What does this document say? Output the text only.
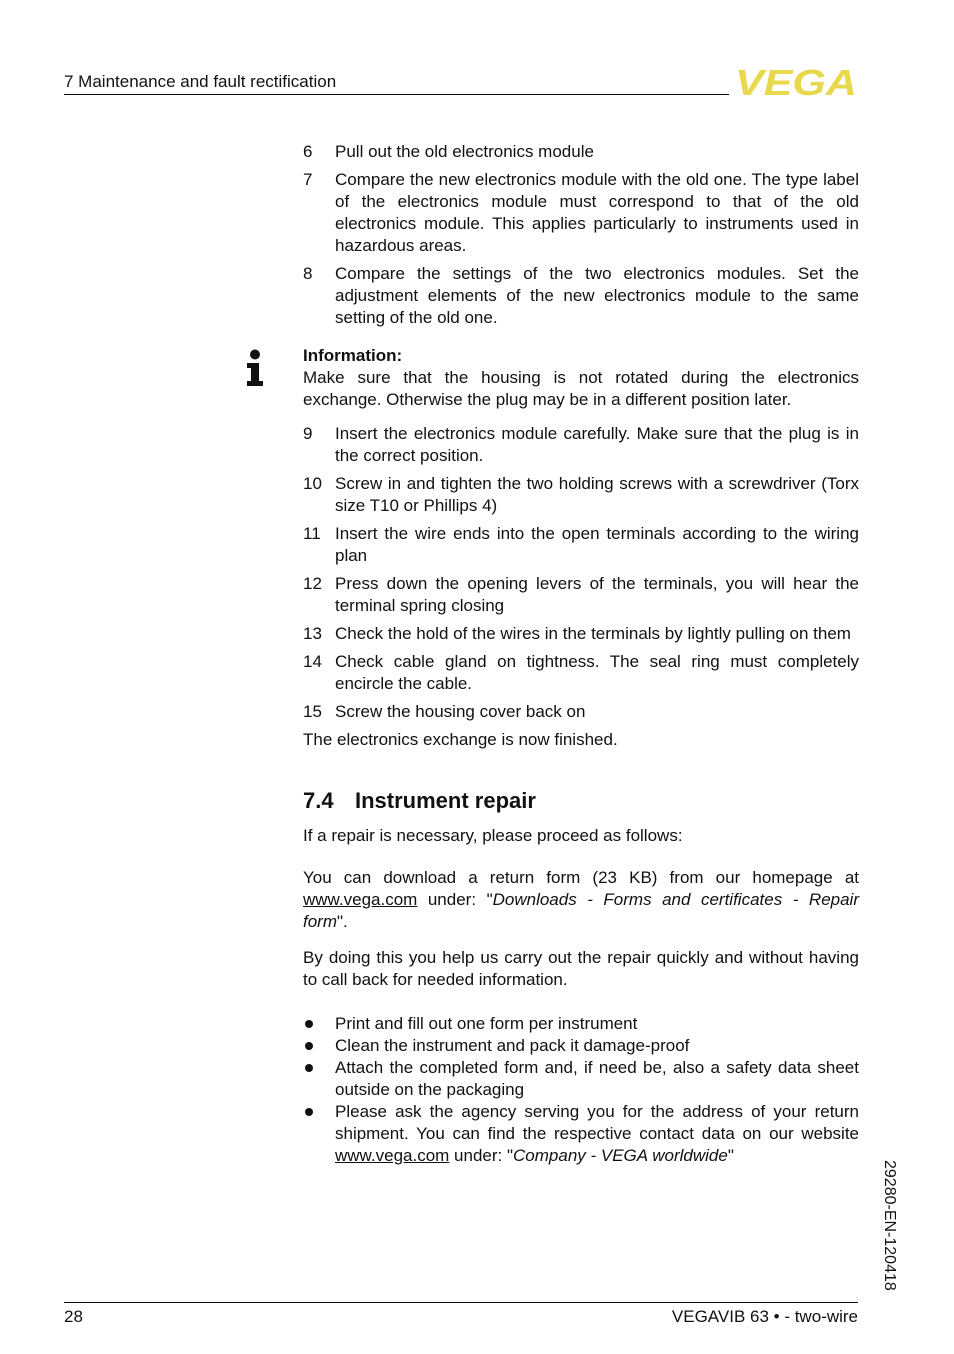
7 Maintenance and fault rectification	VEGA
6	Pull out the old electronics module
7	Compare the new electronics module with the old one. The type label of the electronics module must correspond to that of the old electronics module. This applies particularly to instruments used in hazardous areas.
8	Compare the settings of the two electronics modules. Set the adjustment elements of the new electronics module to the same setting of the old one.
Information:
Make sure that the housing is not rotated during the electronics exchange. Otherwise the plug may be in a different position later.
9	Insert the electronics module carefully. Make sure that the plug is in the correct position.
10 Screw in and tighten the two holding screws with a screwdriver (Torx size T10 or Phillips 4)
11 Insert the wire ends into the open terminals according to the wiring plan
12 Press down the opening levers of the terminals, you will hear the terminal spring closing
13 Check the hold of the wires in the terminals by lightly pulling on them
14 Check cable gland on tightness. The seal ring must completely encircle the cable.
15 Screw the housing cover back on
The electronics exchange is now finished.
7.4 Instrument repair
If a repair is necessary, please proceed as follows:
You can download a return form (23 KB) from our homepage at www.vega.com under: "Downloads - Forms and certificates - Repair form".
By doing this you help us carry out the repair quickly and without having to call back for needed information.
Print and fill out one form per instrument
Clean the instrument and pack it damage-proof
Attach the completed form and, if need be, also a safety data sheet outside on the packaging
Please ask the agency serving you for the address of your return shipment. You can find the respective contact data on our website www.vega.com under: "Company - VEGA worldwide"
29280-EN-120418
28	VEGAVIB 63 • - two-wire
